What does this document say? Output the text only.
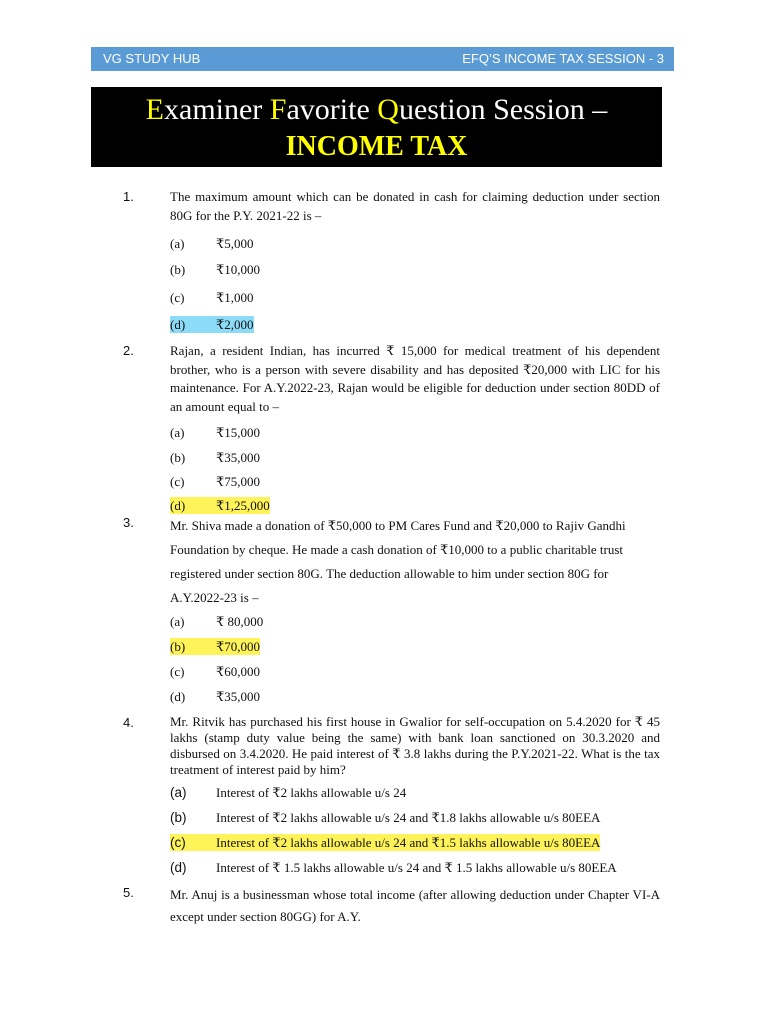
VG STUDY HUB	EFQ’S INCOME TAX SESSION - 3
Examiner Favorite Question Session –
INCOME TAX
1.	The maximum amount which can be donated in cash for claiming deduction under section 80G for the P.Y. 2021-22 is –
(a) ₹5,000
(b) ₹10,000
(c) ₹1,000
(d) ₹2,000
2.	Rajan, a resident Indian, has incurred ₹ 15,000 for medical treatment of his dependent brother, who is a person with severe disability and has deposited ₹20,000 with LIC for his maintenance. For A.Y.2022-23, Rajan would be eligible for deduction under section 80DD of an amount equal to –
(a) ₹15,000
(b) ₹35,000
(c) ₹75,000
(d) ₹1,25,000
3.	Mr. Shiva made a donation of ₹50,000 to PM Cares Fund and ₹20,000 to Rajiv Gandhi Foundation by cheque. He made a cash donation of ₹10,000 to a public charitable trust registered under section 80G. The deduction allowable to him under section 80G for A.Y.2022-23 is –
(a) ₹ 80,000
(b) ₹70,000
(c) ₹60,000
(d) ₹35,000
4.	Mr. Ritvik has purchased his first house in Gwalior for self-occupation on 5.4.2020 for ₹ 45 lakhs (stamp duty value being the same) with bank loan sanctioned on 30.3.2020 and disbursed on 3.4.2020. He paid interest of ₹ 3.8 lakhs during the P.Y.2021-22. What is the tax treatment of interest paid by him?
(a) Interest of ₹2 lakhs allowable u/s 24
(b) Interest of ₹2 lakhs allowable u/s 24 and ₹1.8 lakhs allowable u/s 80EEA
(c) Interest of ₹2 lakhs allowable u/s 24 and ₹1.5 lakhs allowable u/s 80EEA
(d) Interest of ₹ 1.5 lakhs allowable u/s 24 and ₹ 1.5 lakhs allowable u/s 80EEA
5.	Mr. Anuj is a businessman whose total income (after allowing deduction under Chapter VI-A except under section 80GG) for A.Y.
